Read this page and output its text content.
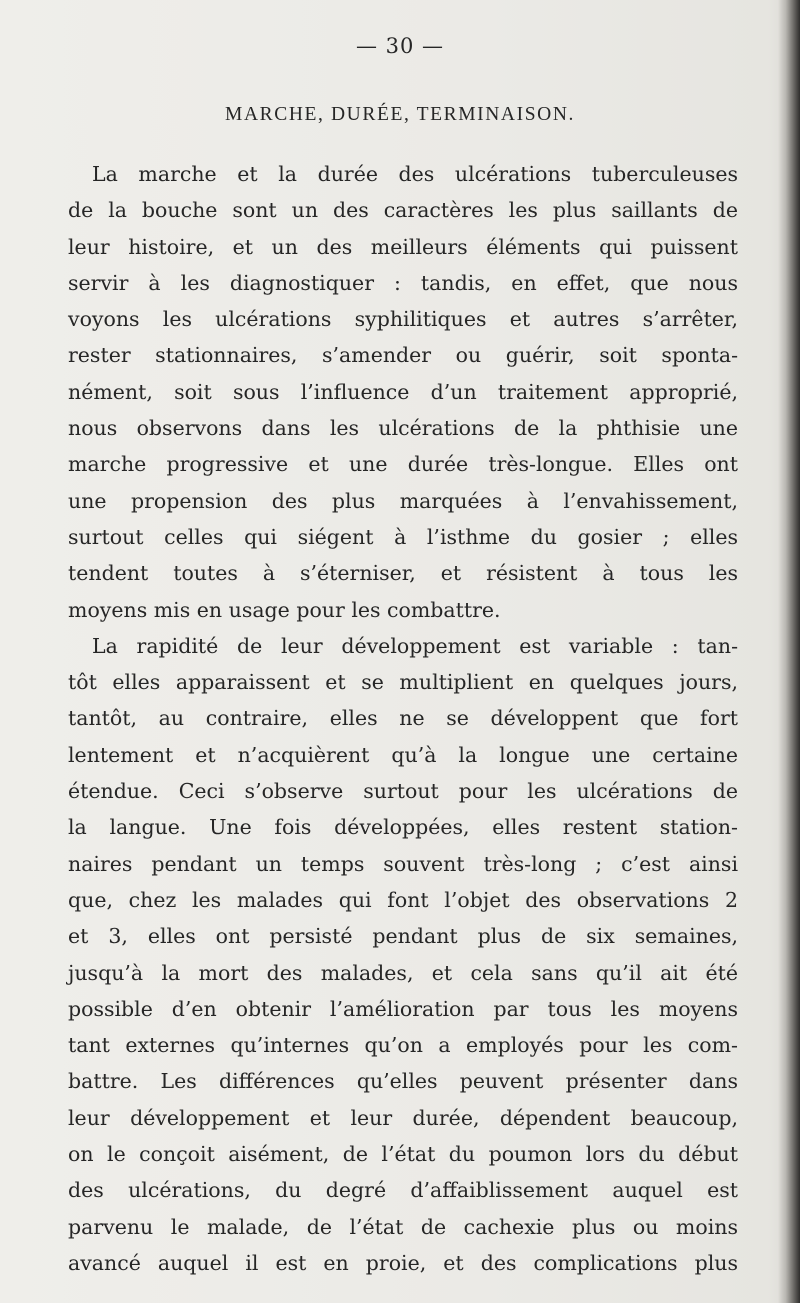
— 30 —
MARCHE, DURÉE, TERMINAISON.
La marche et la durée des ulcérations tuberculeuses
de la bouche sont un des caractères les plus saillants de
leur histoire, et un des meilleurs éléments qui puissent
servir à les diagnostiquer : tandis, en effet, que nous
voyons les ulcérations syphilitiques et autres s’arrêter,
rester stationnaires, s’amender ou guérir, soit sponta-
nément, soit sous l’influence d’un traitement approprié,
nous observons dans les ulcérations de la phthisie une
marche progressive et une durée très-longue. Elles ont
une propension des plus marquées à l’envahissement,
surtout celles qui siégent à l’isthme du gosier ; elles
tendent toutes à s’éterniser, et résistent à tous les
moyens mis en usage pour les combattre.
La rapidité de leur développement est variable : tan-
tôt elles apparaissent et se multiplient en quelques jours,
tantôt, au contraire, elles ne se développent que fort
lentement et n’acquièrent qu’à la longue une certaine
étendue. Ceci s’observe surtout pour les ulcérations de
la langue. Une fois développées, elles restent station-
naires pendant un temps souvent très-long ; c’est ainsi
que, chez les malades qui font l’objet des observations 2
et 3, elles ont persisté pendant plus de six semaines,
jusqu’à la mort des malades, et cela sans qu’il ait été
possible d’en obtenir l’amélioration par tous les moyens
tant externes qu’internes qu’on a employés pour les com-
battre. Les différences qu’elles peuvent présenter dans
leur développement et leur durée, dépendent beaucoup,
on le conçoit aisément, de l’état du poumon lors du début
des ulcérations, du degré d’affaiblissement auquel est
parvenu le malade, de l’état de cachexie plus ou moins
avancé auquel il est en proie, et des complications plus
